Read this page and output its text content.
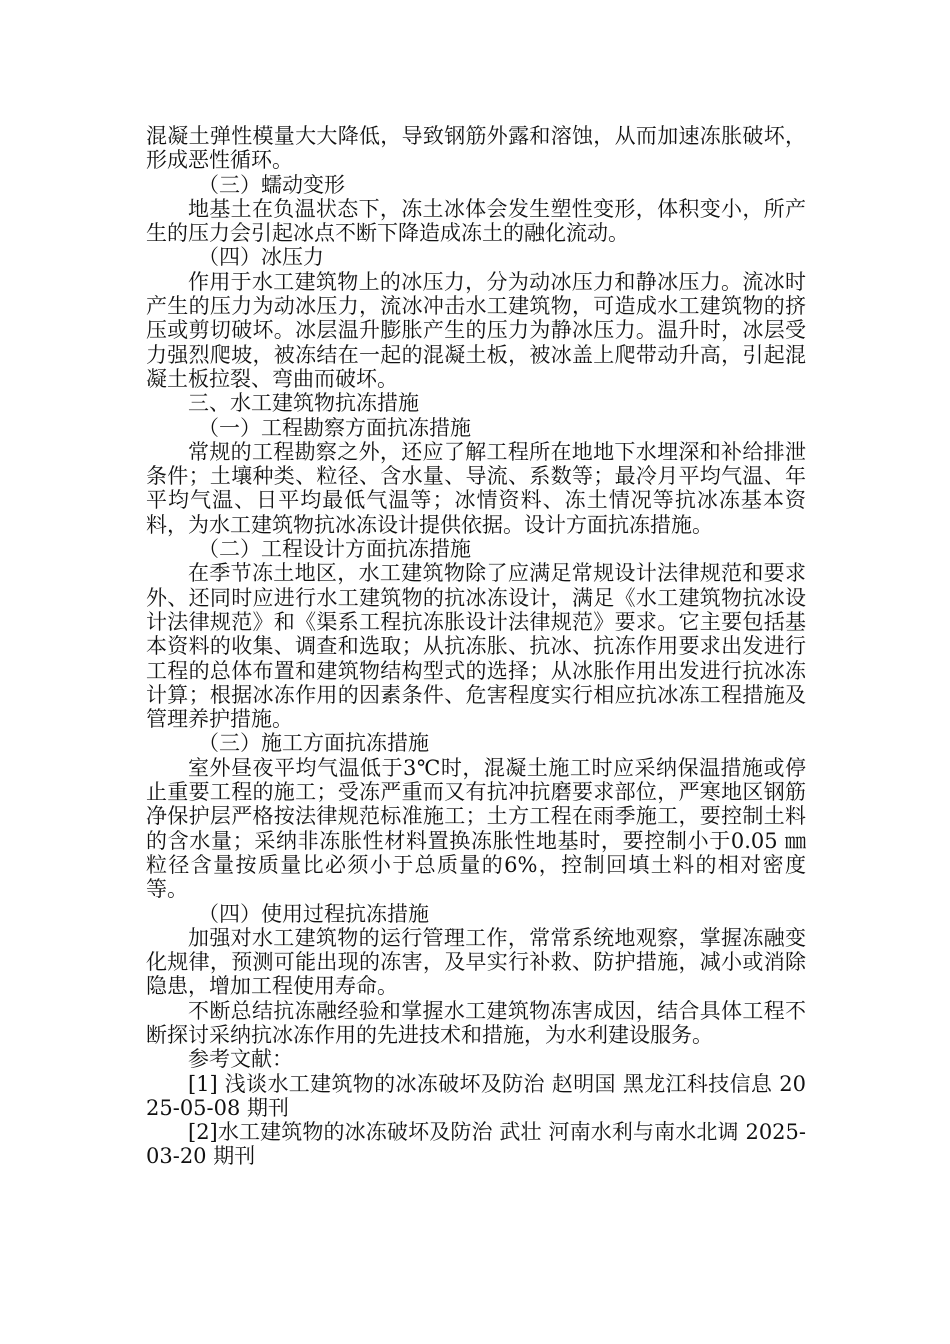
混凝土弹性模量大大降低，导致钢筋外露和溶蚀，从而加速冻胀破坏，形成恶性循环。

（三）蠕动变形

地基土在负温状态下，冻土冰体会发生塑性变形，体积变小，所产生的压力会引起冰点不断下降造成冻土的融化流动。

（四）冰压力

作用于水工建筑物上的冰压力，分为动冰压力和静冰压力。流冰时产生的压力为动冰压力，流冰冲击水工建筑物，可造成水工建筑物的挤压或剪切破坏。冰层温升膨胀产生的压力为静冰压力。温升时，冰层受力强烈爬坡，被冻结在一起的混凝土板，被冰盖上爬带动升高，引起混凝土板拉裂、弯曲而破坏。

三、水工建筑物抗冻措施

（一）工程勘察方面抗冻措施

常规的工程勘察之外，还应了解工程所在地地下水埋深和补给排泄条件；土壤种类、粒径、含水量、导流、系数等；最冷月平均气温、年平均气温、日平均最低气温等；冰情资料、冻土情况等抗冰冻基本资料，为水工建筑物抗冰冻设计提供依据。设计方面抗冻措施。

（二）工程设计方面抗冻措施

在季节冻土地区，水工建筑物除了应满足常规设计法律规范和要求外、还同时应进行水工建筑物的抗冰冻设计，满足《水工建筑物抗冰设计法律规范》和《渠系工程抗冻胀设计法律规范》要求。它主要包括基本资料的收集、调查和选取；从抗冻胀、抗冰、抗冻作用要求出发进行工程的总体布置和建筑物结构型式的选择；从冰胀作用出发进行抗冰冻计算；根据冰冻作用的因素条件、危害程度实行相应抗冰冻工程措施及管理养护措施。

（三）施工方面抗冻措施

室外昼夜平均气温低于3℃时，混凝土施工时应采纳保温措施或停止重要工程的施工；受冻严重而又有抗冲抗磨要求部位，严寒地区钢筋净保护层严格按法律规范标准施工；土方工程在雨季施工，要控制土料的含水量；采纳非冻胀性材料置换冻胀性地基时，要控制小于0.05 ㎜粒径含量按质量比必须小于总质量的6%，控制回填土料的相对密度等。

（四）使用过程抗冻措施

加强对水工建筑物的运行管理工作，常常系统地观察，掌握冻融变化规律，预测可能出现的冻害，及早实行补救、防护措施，减小或消除隐患，增加工程使用寿命。

不断总结抗冻融经验和掌握水工建筑物冻害成因，结合具体工程不断探讨采纳抗冰冻作用的先进技术和措施，为水利建设服务。

参考文献：

[1] 浅谈水工建筑物的冰冻破坏及防治 赵明国 黑龙江科技信息 2025-05-08 期刊

[2]水工建筑物的冰冻破坏及防治 武壮 河南水利与南水北调 2025-03-20 期刊
